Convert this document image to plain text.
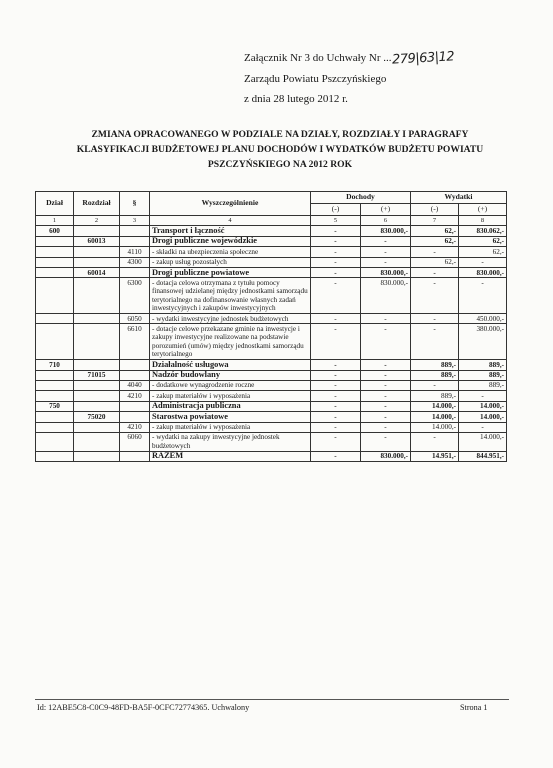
Załącznik Nr 3 do Uchwały Nr ...279|63|12
Zarządu Powiatu Pszczyńskiego
z dnia 28 lutego 2012 r.
ZMIANA OPRACOWANEGO W PODZIALE NA DZIAŁY, ROZDZIAŁY I PARAGRAFY
KLASYFIKACJI BUDŻETOWEJ PLANU DOCHODÓW I WYDATKÓW BUDŻETU POWIATU
PSZCZYŃSKIEGO NA 2012 ROK
Dział	Rozdział	§	Wyszczególnienie	Dochody		Wydatki	
				(-)	(+)	(-)	(+)
1	2	3	4	5	6	7	8
600			Transport i łączność	-	830.000,-	62,-	830.062,-
	60013		Drogi publiczne wojewódzkie	-	-	62,-	62,-
		4110	- składki na ubezpieczenia społeczne	-	-	-	62,-
		4300	- zakup usług pozostałych	-	-	62,-	-
	60014		Drogi publiczne powiatowe	-	830.000,-	-	830.000,-
		6300	- dotacja celowa otrzymana z tytułu pomocy finansowej udzielanej między jednostkami samorządu terytorialnego na dofinansowanie własnych zadań inwestycyjnych i zakupów inwestycyjnych	-	830.000,-	-	-
		6050	- wydatki inwestycyjne jednostek budżetowych	-	-	-	450.000,-
		6610	- dotacje celowe przekazane gminie na inwestycje i zakupy inwestycyjne realizowane na podstawie porozumień (umów) między jednostkami samorządu terytorialnego	-	-	-	380.000,-
710			Działalność usługowa	-	-	889,-	889,-
	71015		Nadzór budowlany	-	-	889,-	889,-
		4040	- dodatkowe wynagrodzenie roczne	-	-	-	889,-
		4210	- zakup materiałów i wyposażenia	-	-	889,-	-
750			Administracja publiczna	-	-	14.000,-	14.000,-
	75020		Starostwa powiatowe	-	-	14.000,-	14.000,-
		4210	- zakup materiałów i wyposażenia	-	-	14.000,-	-
		6060	- wydatki na zakupy inwestycyjne jednostek budżetowych	-	-	-	14.000,-
			RAZEM	-	830.000,-	14.951,-	844.951,-
Id: 12ABE5C8-C0C9-48FD-BA5F-0CFC72774365. Uchwalony	Strona 1
